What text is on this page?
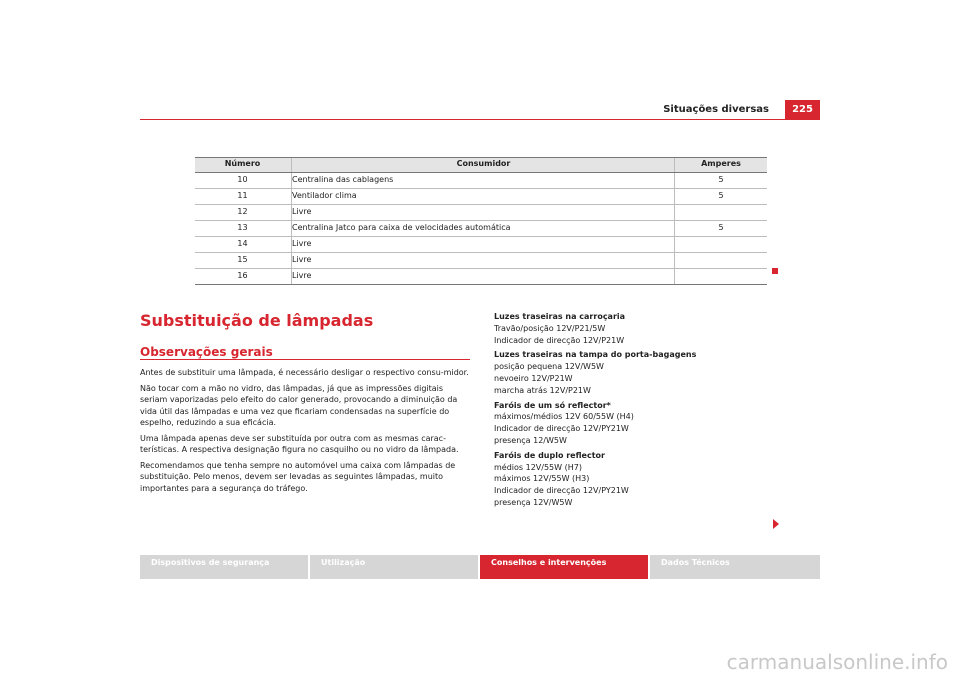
Situações diversas	225
Número	Consumidor	Amperes
10	Centralina das cablagens	5
11	Ventilador clima	5
12	Livre
13	Centralina Jatco para caixa de velocidades automática	5
14	Livre
15	Livre
16	Livre
Substituição de lâmpadas
Observações gerais

Antes de substituir uma lâmpada, é necessário desligar o respectivo consu-midor.

Não tocar com a mão no vidro, das lâmpadas, já que as impressões digitais seriam vaporizadas pelo efeito do calor generado, provocando a diminuição da vida útil das lâmpadas e uma vez que ficariam condensadas na superfície do espelho, reduzindo a sua eficácia.

Uma lâmpada apenas deve ser substituída por outra com as mesmas carac-terísticas. A respectiva designação figura no casquilho ou no vidro da lâmpada.

Recomendamos que tenha sempre no automóvel uma caixa com lâmpadas de substituição. Pelo menos, devem ser levadas as seguintes lâmpadas, muito importantes para a segurança do tráfego.

Luzes traseiras na carroçaria
Travão/posição 12V/P21/5W
Indicador de direcção 12V/P21W
Luzes traseiras na tampa do porta-bagagens
posição pequena 12V/W5W
nevoeiro 12V/P21W
marcha atrás 12V/P21W
Faróis de um só reflector*
máximos/médios 12V 60/55W (H4)
Indicador de direcção 12V/PY21W
presença 12/W5W
Faróis de duplo reflector
médios 12V/55W (H7)
máximos 12V/55W (H3)
Indicador de direcção 12V/PY21W
presença 12V/W5W
Dispositivos de segurança	Utilização	Conselhos e intervenções	Dados Técnicos
carmanualsonline.info
